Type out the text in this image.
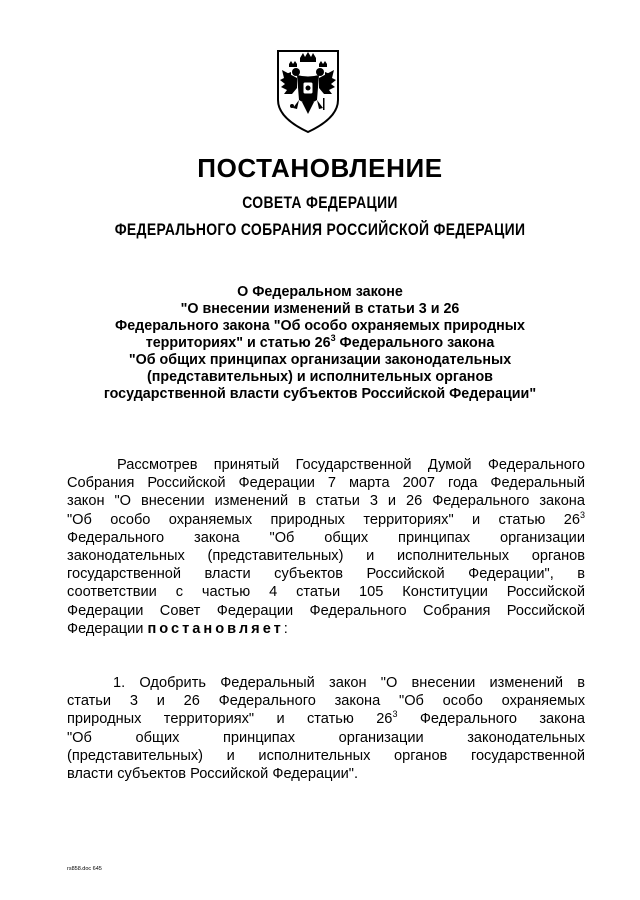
ПОСТАНОВЛЕНИЕ
СОВЕТА ФЕДЕРАЦИИ
ФЕДЕРАЛЬНОГО СОБРАНИЯ РОССИЙСКОЙ ФЕДЕРАЦИИ
О Федеральном законе
"О внесении изменений в статьи 3 и 26
Федерального закона "Об особо охраняемых природных
территориях" и статью $26^3$ Федерального закона
"Об общих принципах организации законодательных
(представительных) и исполнительных органов
государственной власти субъектов Российской Федерации"
Рассмотрев принятый Государственной Думой Федерального
Собрания Российской Федерации 7 марта 2007 года Федеральный
закон "О внесении изменений в статьи 3 и 26 Федерального закона
"Об особо охраняемых природных территориях" и статью $26^3$
Федерального закона "Об общих принципах организации
законодательных (представительных) и исполнительных органов
государственной власти субъектов Российской Федерации", в
соответствии с частью 4 статьи 105 Конституции Российской
Федерации Совет Федерации Федерального Собрания Российской
Федерации постановляет:
1. Одобрить Федеральный закон "О внесении изменений в
статьи 3 и 26 Федерального закона "Об особо охраняемых
природных территориях" и статью $26^3$ Федерального закона
"Об общих принципах организации законодательных
(представительных) и исполнительных органов государственной
власти субъектов Российской Федерации".
rs858.doc 645
